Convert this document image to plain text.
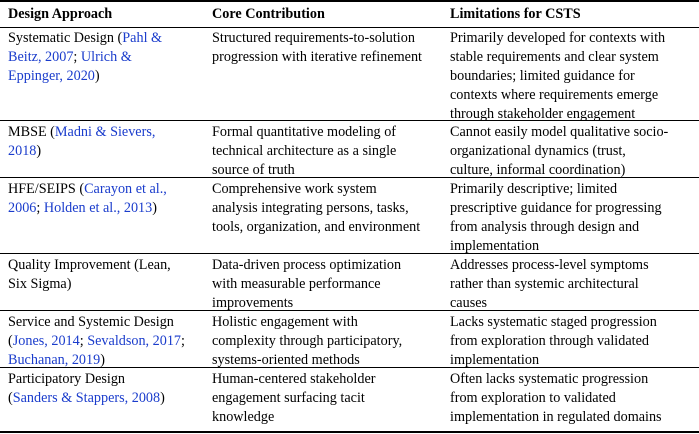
Design Approach	Core Contribution	Limitations for CSTS
Systematic Design (Pahl &
Beitz, 2007; Ulrich &
Eppinger, 2020)
Structured requirements-to-solution
progression with iterative refinement
Primarily developed for contexts with
stable requirements and clear system
boundaries; limited guidance for
contexts where requirements emerge
through stakeholder engagement
MBSE (Madni & Sievers,
2018)
Formal quantitative modeling of
technical architecture as a single
source of truth
Cannot easily model qualitative socio-
organizational dynamics (trust,
culture, informal coordination)
HFE/SEIPS (Carayon et al.,
2006; Holden et al., 2013)
Comprehensive work system
analysis integrating persons, tasks,
tools, organization, and environment
Primarily descriptive; limited
prescriptive guidance for progressing
from analysis through design and
implementation
Quality Improvement (Lean,
Six Sigma)
Data-driven process optimization
with measurable performance
improvements
Addresses process-level symptoms
rather than systemic architectural
causes
Service and Systemic Design
(Jones, 2014; Sevaldson, 2017;
Buchanan, 2019)
Holistic engagement with
complexity through participatory,
systems-oriented methods
Lacks systematic staged progression
from exploration through validated
implementation
Participatory Design
(Sanders & Stappers, 2008)
Human-centered stakeholder
engagement surfacing tacit
knowledge
Often lacks systematic progression
from exploration to validated
implementation in regulated domains
